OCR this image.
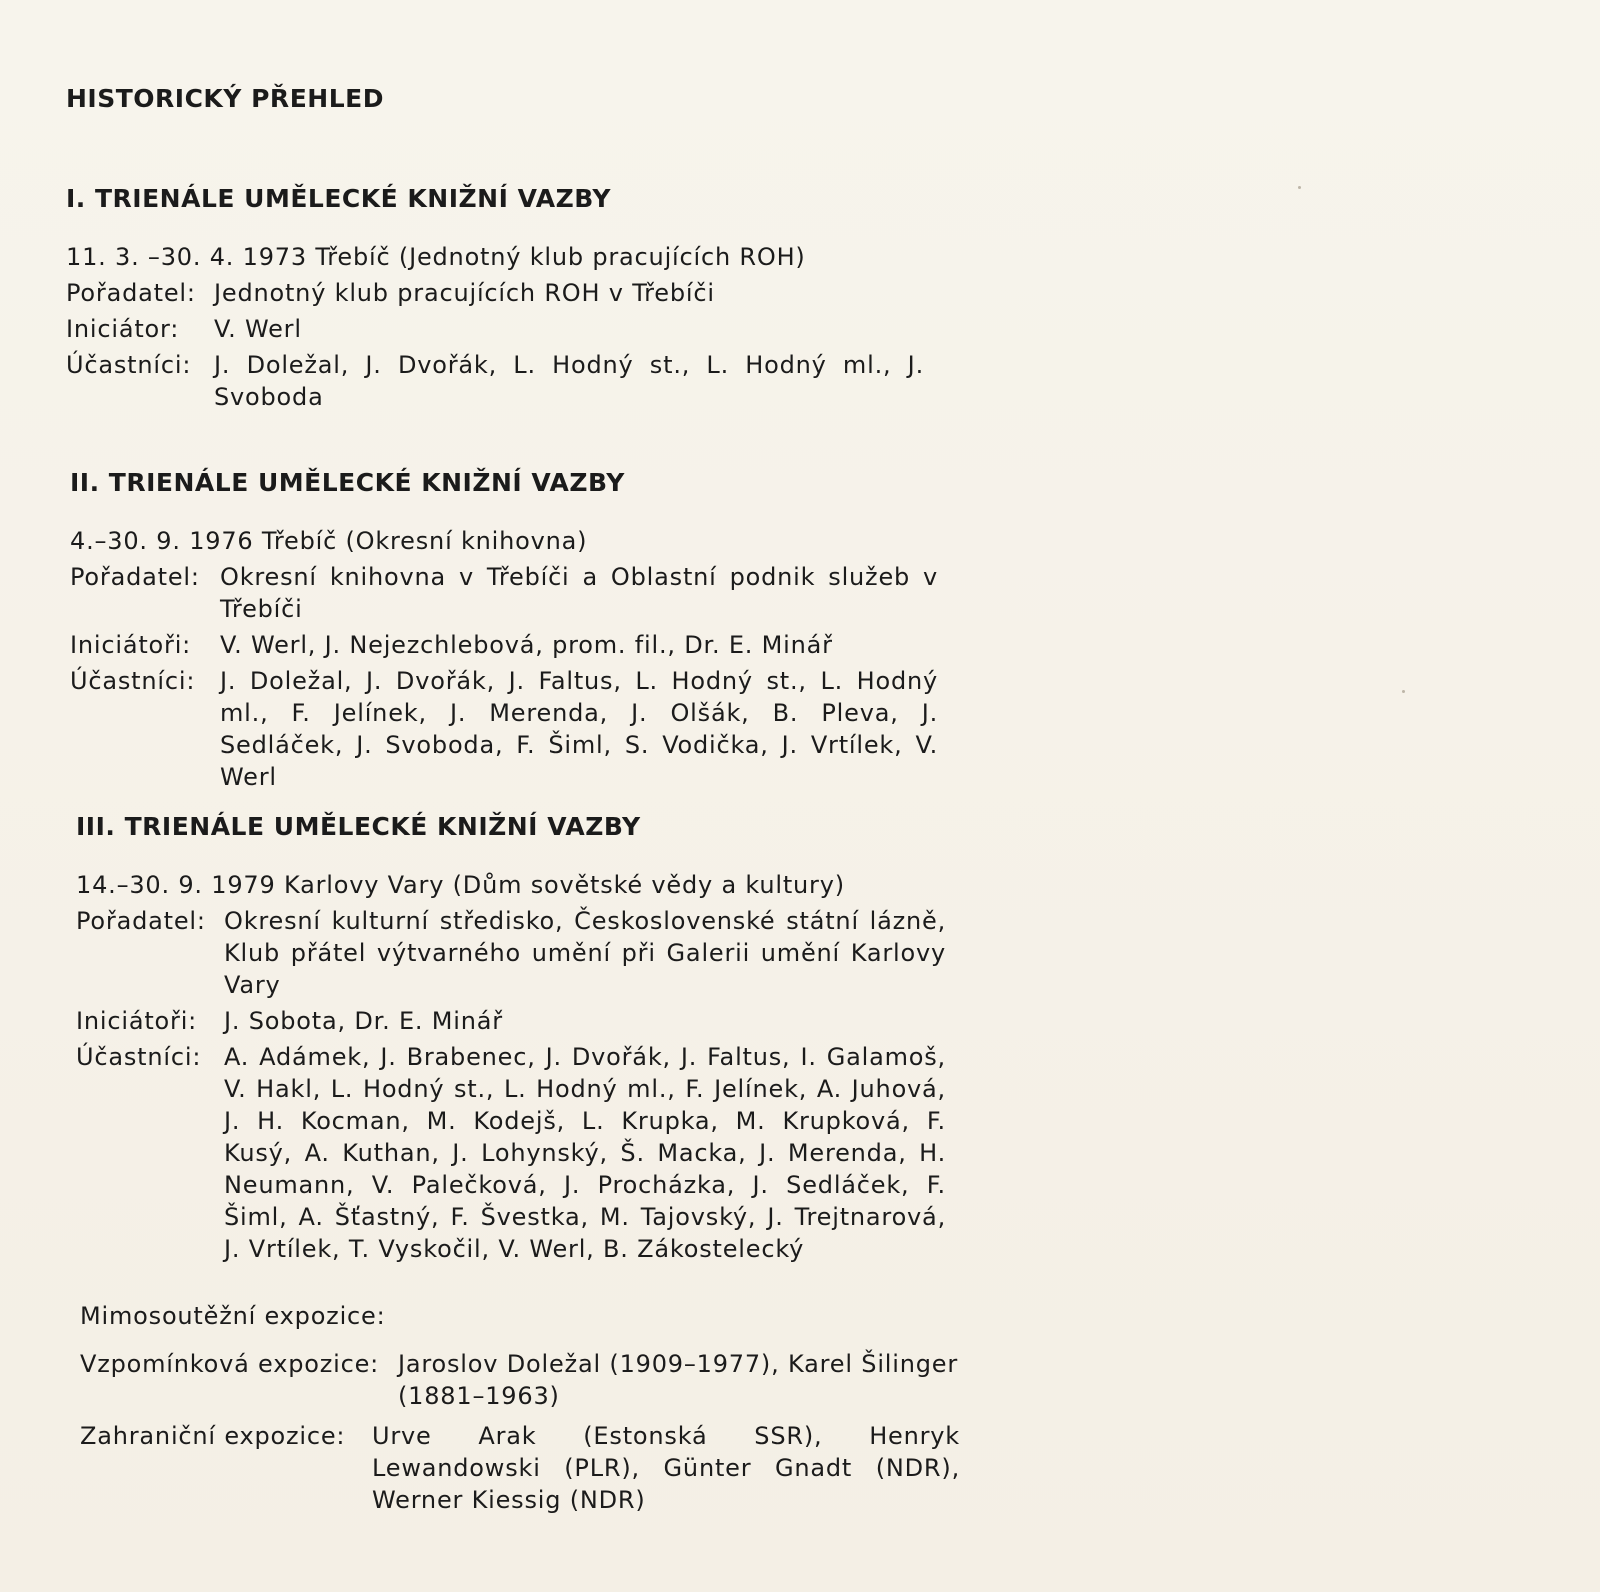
HISTORICKÝ PŘEHLED
I. TRIENÁLE UMĚLECKÉ KNIŽNÍ VAZBY
11. 3. –30. 4. 1973 Třebíč (Jednotný klub pracujících ROH)
Pořadatel: Jednotný klub pracujících ROH v Třebíči
Iniciátor:	V. Werl
Účastníci: J. Doležal, J. Dvořák, L. Hodný st., L. Hodný ml., J. Svoboda
II. TRIENÁLE UMĚLECKÉ KNIŽNÍ VAZBY
4.–30. 9. 1976 Třebíč (Okresní knihovna)
Pořadatel: Okresní knihovna v Třebíči a Oblastní podnik služeb v Třebíči
Iniciátoři:	V. Werl, J. Nejezchlebová, prom. fil., Dr. E. Minář
Účastníci:	J. Doležal, J. Dvořák, J. Faltus, L. Hodný st., L. Hodný ml., F. Jelínek, J. Merenda, J. Olšák, B. Pleva, J. Sedláček, J. Svoboda, F. Šiml, S. Vodička, J. Vrtílek, V. Werl
III. TRIENÁLE UMĚLECKÉ KNIŽNÍ VAZBY
14.–30. 9. 1979 Karlovy Vary (Dům sovětské vědy a kultury)
Pořadatel: Okresní kulturní středisko, Československé státní lázně, Klub přátel výtvarného umění při Galerii umění Karlovy Vary
Iniciátoři:	J. Sobota, Dr. E. Minář
Účastníci: A. Adámek, J. Brabenec, J. Dvořák, J. Faltus, I. Galamoš, V. Hakl, L. Hodný st., L. Hodný ml., F. Jelínek, A. Juhová, J. H. Kocman, M. Kodejš, L. Krupka, M. Krupková, F. Kusý, A. Kuthan, J. Lohynský, Š. Macka, J. Merenda, H. Neumann, V. Palečková, J. Procházka, J. Sedláček, F. Šiml, A. Šťastný, F. Švestka, M. Tajovský, J. Trejtnarová, J. Vrtílek, T. Vyskočil, V. Werl, B. Zákostelecký
Mimosoutěžní expozice:
Vzpomínková expozice: Jaroslov Doležal (1909–1977), Karel Šilinger (1881–1963)
Zahraniční expozice:	Urve Arak (Estonská SSR), Henryk Lewandowski (PLR), Günter Gnadt (NDR), Werner Kiessig (NDR)
